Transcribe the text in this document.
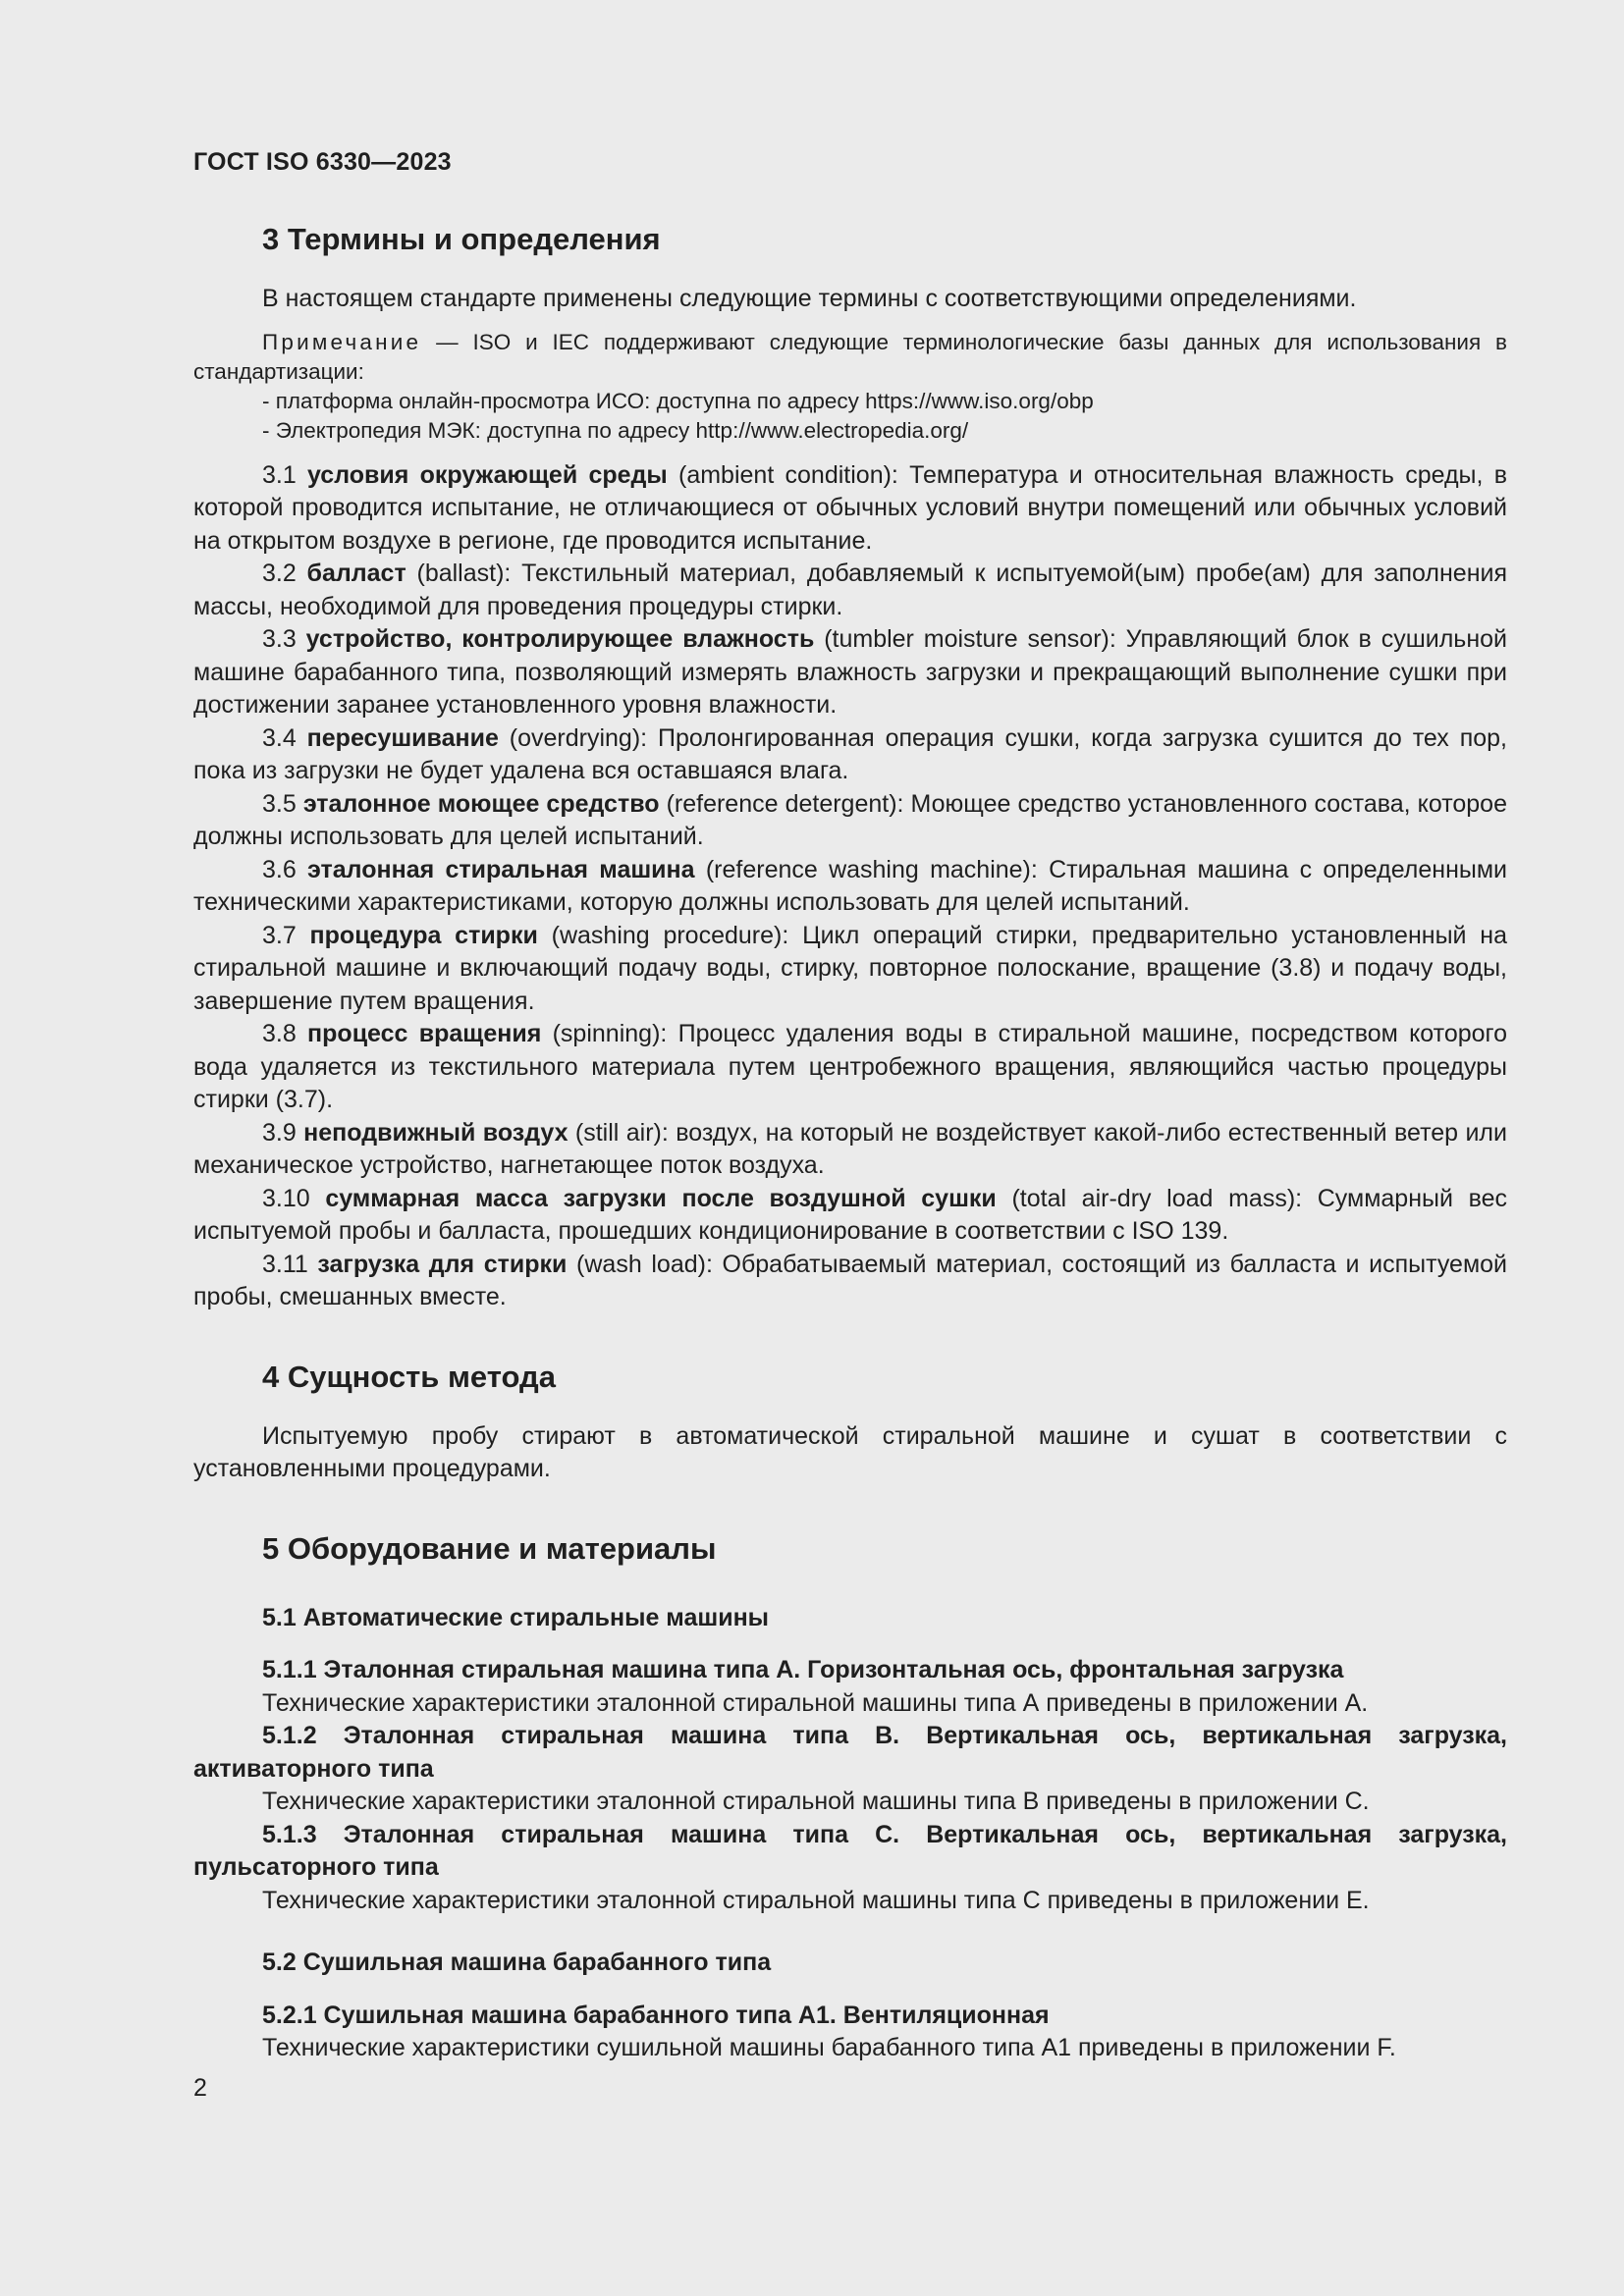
ГОСТ ISO 6330—2023
3 Термины и определения

В настоящем стандарте применены следующие термины с соответствующими определениями.

Примечание — ISO и IEC поддерживают следующие терминологические базы данных для использования в стандартизации:

- платформа онлайн-просмотра ИСО: доступна по адресу https://www.iso.org/obp
- Электропедия МЭК: доступна по адресу http://www.electropedia.org/

3.1 условия окружающей среды (ambient condition): Температура и относительная влажность среды, в которой проводится испытание, не отличающиеся от обычных условий внутри помещений или обычных условий на открытом воздухе в регионе, где проводится испытание.

3.2 балласт (ballast): Текстильный материал, добавляемый к испытуемой(ым) пробе(ам) для заполнения массы, необходимой для проведения процедуры стирки.

3.3 устройство, контролирующее влажность (tumbler moisture sensor): Управляющий блок в сушильной машине барабанного типа, позволяющий измерять влажность загрузки и прекращающий выполнение сушки при достижении заранее установленного уровня влажности.

3.4 пересушивание (overdrying): Пролонгированная операция сушки, когда загрузка сушится до тех пор, пока из загрузки не будет удалена вся оставшаяся влага.

3.5 эталонное моющее средство (reference detergent): Моющее средство установленного состава, которое должны использовать для целей испытаний.

3.6 эталонная стиральная машина (reference washing machine): Стиральная машина с определенными техническими характеристиками, которую должны использовать для целей испытаний.

3.7 процедура стирки (washing procedure): Цикл операций стирки, предварительно установленный на стиральной машине и включающий подачу воды, стирку, повторное полоскание, вращение (3.8) и подачу воды, завершение путем вращения.

3.8 процесс вращения (spinning): Процесс удаления воды в стиральной машине, посредством которого вода удаляется из текстильного материала путем центробежного вращения, являющийся частью процедуры стирки (3.7).

3.9 неподвижный воздух (still air): воздух, на который не воздействует какой-либо естественный ветер или механическое устройство, нагнетающее поток воздуха.

3.10 суммарная масса загрузки после воздушной сушки (total air-dry load mass): Суммарный вес испытуемой пробы и балласта, прошедших кондиционирование в соответствии с ISO 139.

3.11 загрузка для стирки (wash load): Обрабатываемый материал, состоящий из балласта и испытуемой пробы, смешанных вместе.

4 Сущность метода

Испытуемую пробу стирают в автоматической стиральной машине и сушат в соответствии с установленными процедурами.

5 Оборудование и материалы

5.1 Автоматические стиральные машины

5.1.1 Эталонная стиральная машина типа А. Горизонтальная ось, фронтальная загрузка

Технические характеристики эталонной стиральной машины типа А приведены в приложении А.

5.1.2 Эталонная стиральная машина типа В. Вертикальная ось, вертикальная загрузка, активаторного типа

Технические характеристики эталонной стиральной машины типа В приведены в приложении С.

5.1.3 Эталонная стиральная машина типа С. Вертикальная ось, вертикальная загрузка, пульсаторного типа

Технические характеристики эталонной стиральной машины типа С приведены в приложении Е.

5.2 Сушильная машина барабанного типа

5.2.1 Сушильная машина барабанного типа А1. Вентиляционная

Технические характеристики сушильной машины барабанного типа А1 приведены в приложении F.

2
